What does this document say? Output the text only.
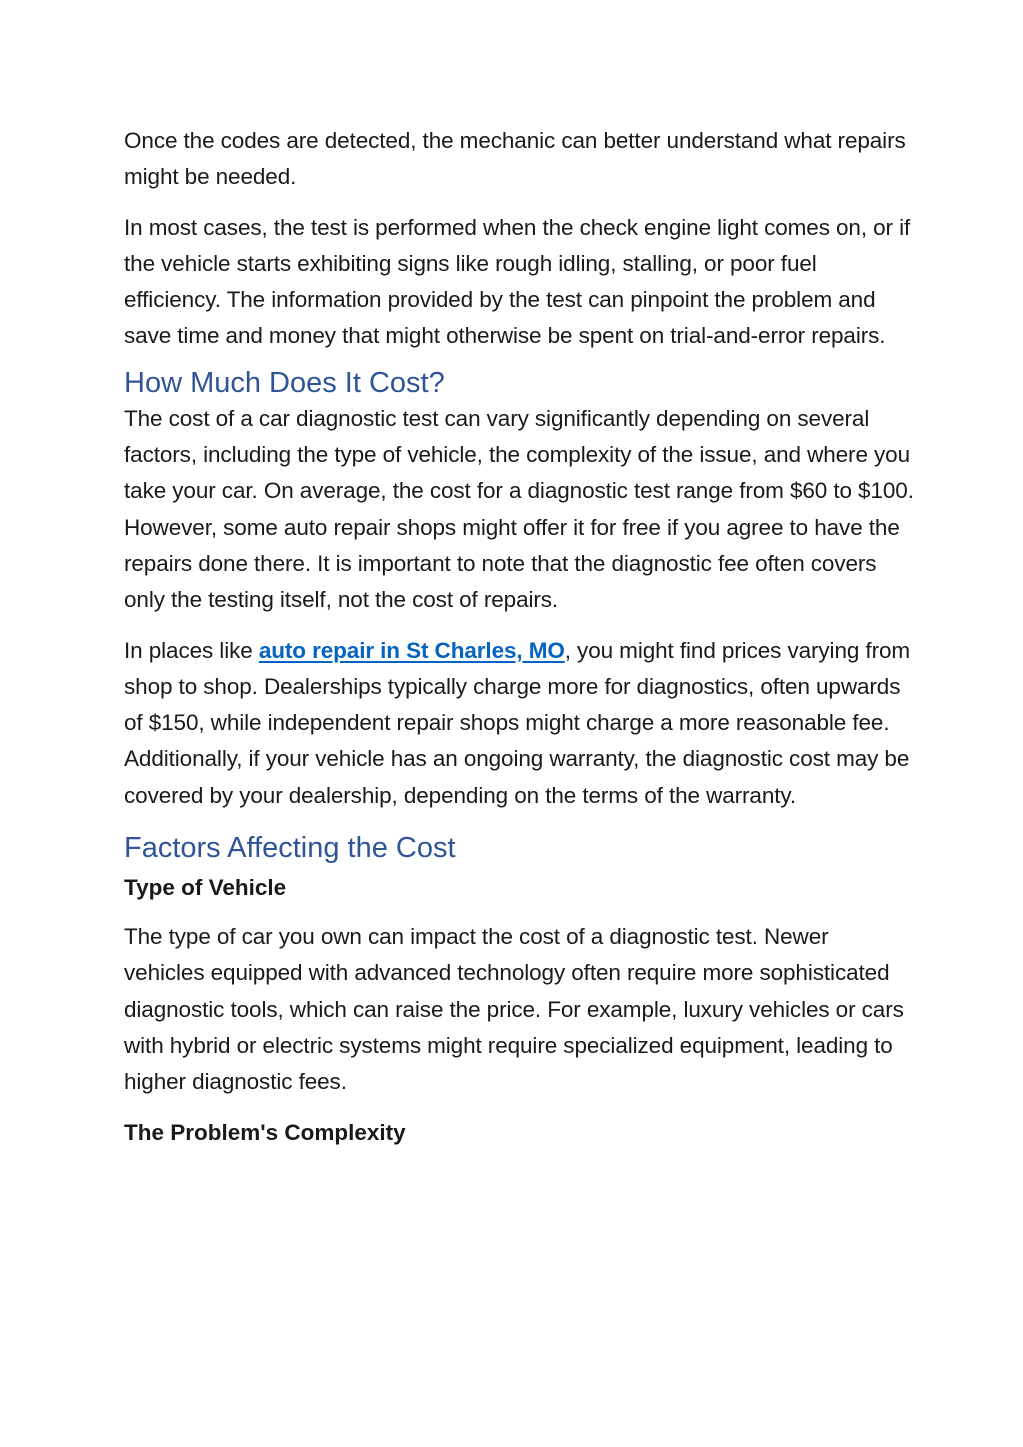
Once the codes are detected, the mechanic can better understand what repairs might be needed.

In most cases, the test is performed when the check engine light comes on, or if the vehicle starts exhibiting signs like rough idling, stalling, or poor fuel efficiency. The information provided by the test can pinpoint the problem and save time and money that might otherwise be spent on trial-and-error repairs.

How Much Does It Cost?

The cost of a car diagnostic test can vary significantly depending on several factors, including the type of vehicle, the complexity of the issue, and where you take your car. On average, the cost for a diagnostic test range from $60 to $100. However, some auto repair shops might offer it for free if you agree to have the repairs done there. It is important to note that the diagnostic fee often covers only the testing itself, not the cost of repairs.

In places like auto repair in St Charles, MO, you might find prices varying from shop to shop. Dealerships typically charge more for diagnostics, often upwards of $150, while independent repair shops might charge a more reasonable fee. Additionally, if your vehicle has an ongoing warranty, the diagnostic cost may be covered by your dealership, depending on the terms of the warranty.

Factors Affecting the Cost
Type of Vehicle

The type of car you own can impact the cost of a diagnostic test. Newer vehicles equipped with advanced technology often require more sophisticated diagnostic tools, which can raise the price. For example, luxury vehicles or cars with hybrid or electric systems might require specialized equipment, leading to higher diagnostic fees.

The Problem's Complexity
